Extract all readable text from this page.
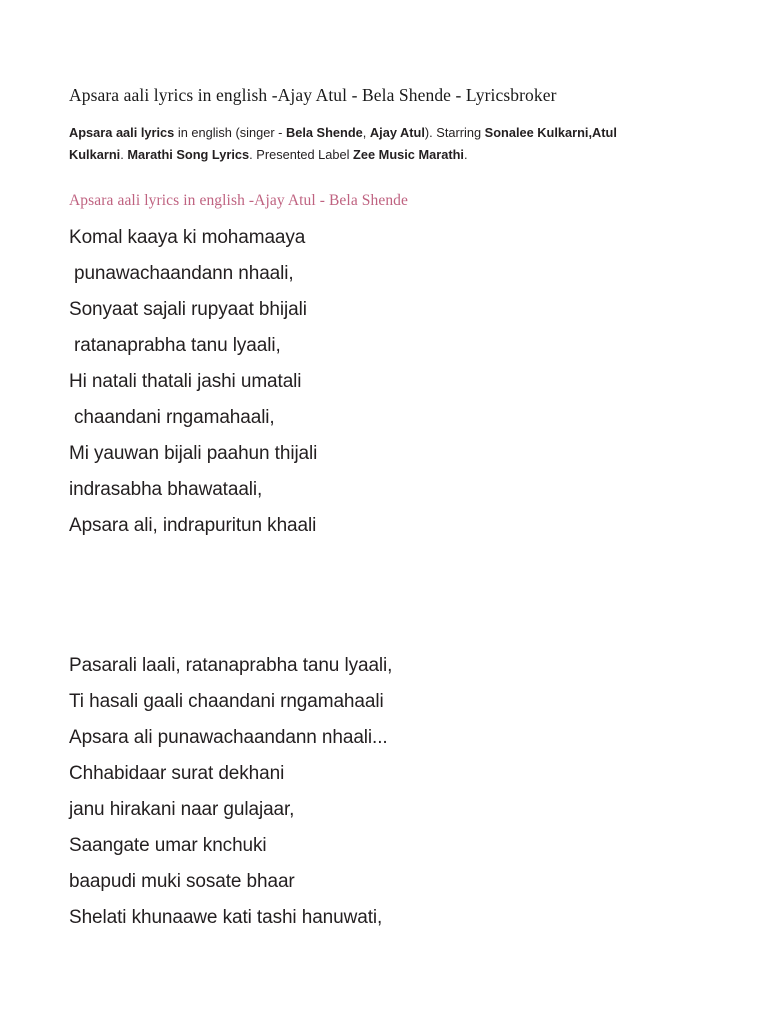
Apsara aali lyrics in english -Ajay Atul - Bela Shende - Lyricsbroker

Apsara aali lyrics in english (singer - Bela Shende, Ajay Atul). Starring Sonalee Kulkarni,Atul Kulkarni. Marathi Song Lyrics. Presented Label Zee Music Marathi.

Apsara aali lyrics in english -Ajay Atul - Bela Shende
Komal kaaya ki mohamaaya
punawachaandann nhaali,
Sonyaat sajali rupyaat bhijali
ratanaprabha tanu lyaali,
Hi natali thatali jashi umatali
chaandani rngamahaali,
Mi yauwan bijali paahun thijali
indrasabha bhawataali,
Apsara ali, indrapuritun khaali
Pasarali laali, ratanaprabha tanu lyaali,
Ti hasali gaali chaandani rngamahaali
Apsara ali punawachaandann nhaali...
Chhabidaar surat dekhani
janu hirakani naar gulajaar,
Saangate umar knchuki
baapudi muki sosate bhaar
Shelati khunaawe kati tashi hanuwati,
